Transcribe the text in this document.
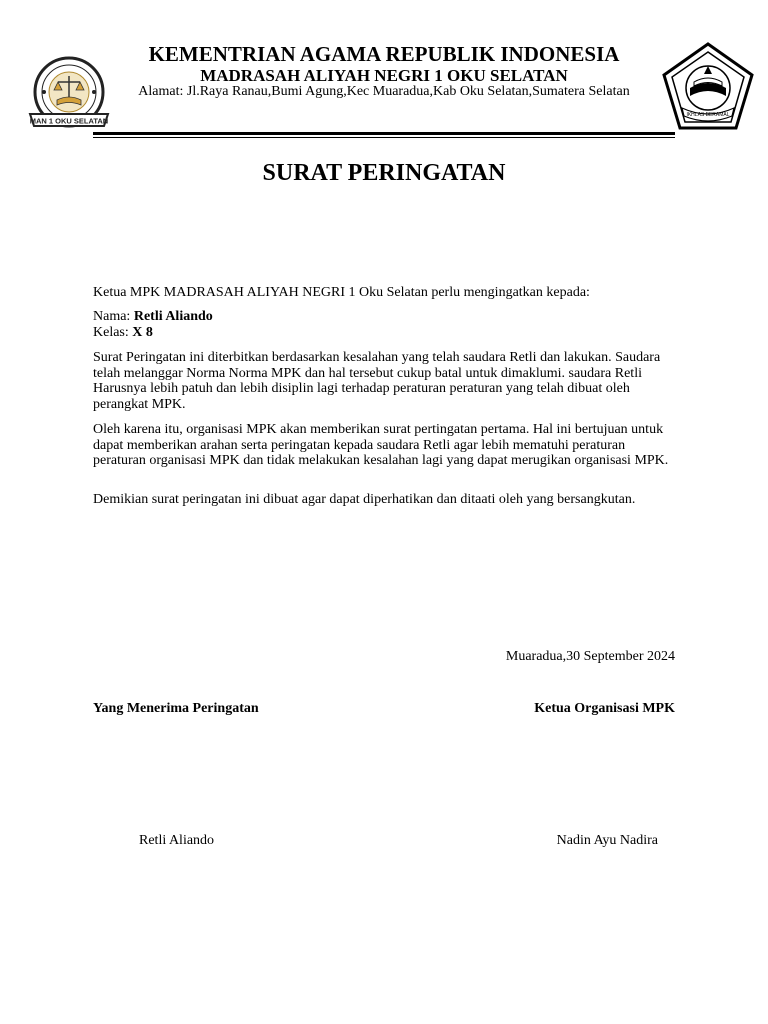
MAN 1 OKU SELATAN
IKHLAS BERAMAL
KEMENTRIAN AGAMA REPUBLIK INDONESIA
MADRASAH ALIYAH NEGRI 1 OKU SELATAN
Alamat: Jl.Raya Ranau,Bumi Agung,Kec Muaradua,Kab Oku Selatan,Sumatera Selatan
SURAT PERINGATAN
Ketua MPK MADRASAH ALIYAH NEGRI 1 Oku Selatan perlu mengingatkan kepada:
Nama: Retli Aliando
Kelas: X 8
Surat Peringatan ini diterbitkan berdasarkan kesalahan yang telah saudara Retli dan lakukan. Saudara telah melanggar Norma Norma MPK dan hal tersebut cukup batal untuk dimaklumi. saudara Retli Harusnya lebih patuh dan lebih disiplin lagi terhadap peraturan peraturan yang telah dibuat oleh perangkat MPK.
Oleh karena itu, organisasi MPK akan memberikan surat pertingatan pertama. Hal ini bertujuan untuk dapat memberikan arahan serta peringatan kepada saudara Retli agar lebih mematuhi peraturan peraturan organisasi MPK dan tidak melakukan kesalahan lagi yang dapat merugikan organisasi MPK.
Demikian surat peringatan ini dibuat agar dapat diperhatikan dan ditaati oleh yang bersangkutan.
Muaradua,30 September 2024
Yang Menerima Peringatan	Ketua Organisasi MPK
Retli Aliando	Nadin Ayu Nadira
